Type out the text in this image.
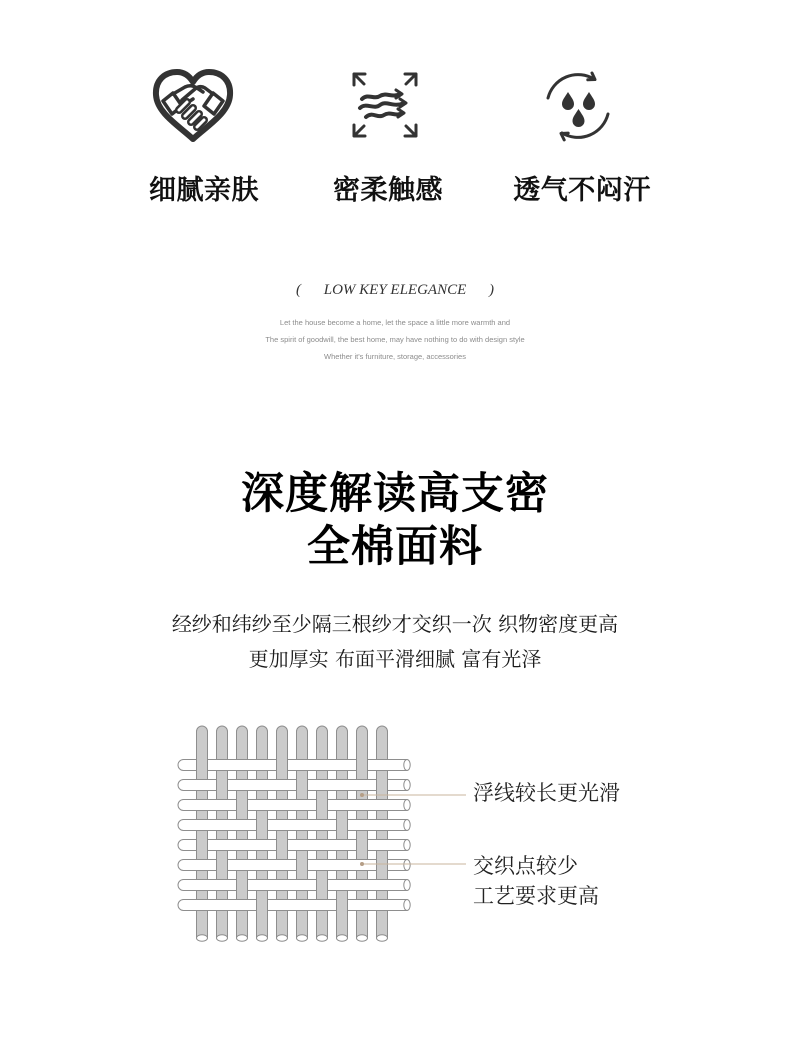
细腻亲肤	密柔触感	透气不闷汗
( LOW KEY ELEGANCE )
Let the house become a home, let the space a little more warmth and
The spirit of goodwill, the best home, may have nothing to do with design style
Whether it's furniture, storage, accessories
深度解读高支密
全棉面料
经纱和纬纱至少隔三根纱才交织一次 织物密度更高
更加厚实 布面平滑细腻 富有光泽
浮线较长更光滑
交织点较少
工艺要求更高
